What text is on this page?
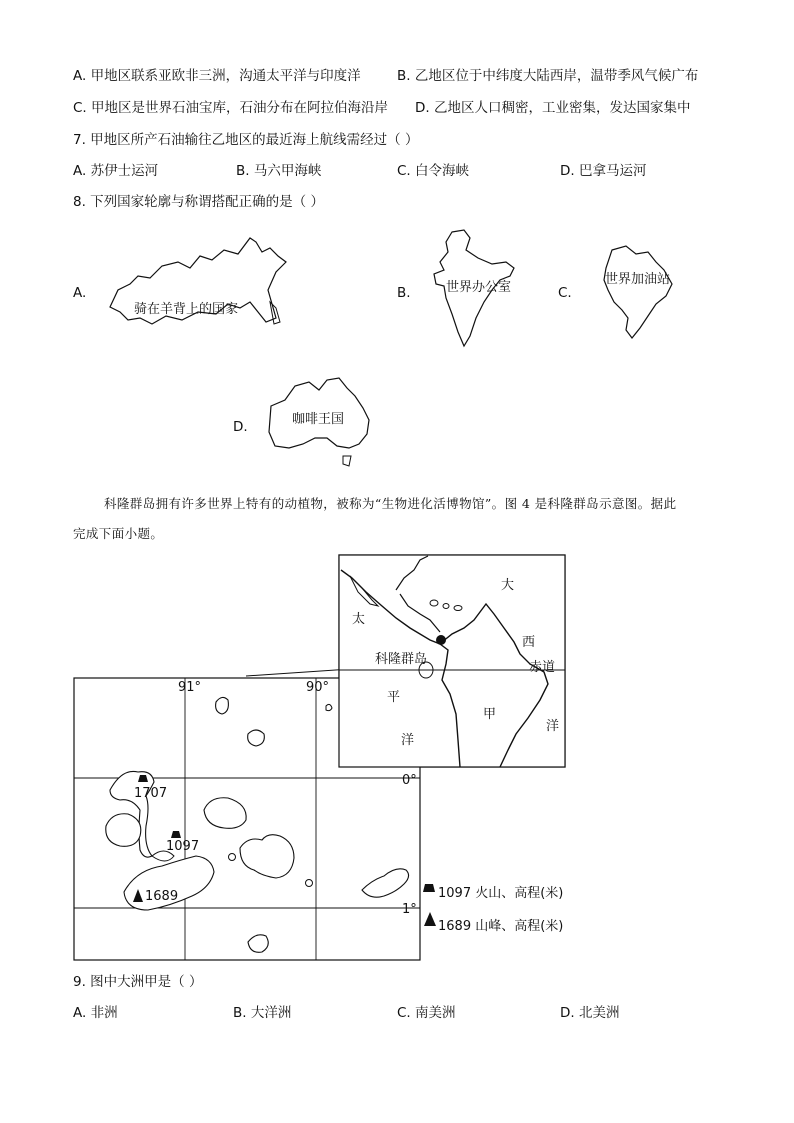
A. 甲地区联系亚欧非三洲，沟通太平洋与印度洋	B. 乙地区位于中纬度大陆西岸，温带季风气候广布
C. 甲地区是世界石油宝库，石油分布在阿拉伯海沿岸 D. 乙地区人口稠密，工业密集，发达国家集中
7. 甲地区所产石油输往乙地区的最近海上航线需经过（ ）
A. 苏伊士运河	B. 马六甲海峡	C. 白令海峡	D. 巴拿马运河
8. 下列国家轮廓与称谓搭配正确的是（ ）
A.
骑在羊背上的国家
B.	世界办公室	C.
世界加油站
D.	咖啡王国
科隆群岛拥有许多世界上特有的动植物，被称为“生物进化活博物馆”。图 4 是科隆群岛示意图。据此
完成下面小题。
大
太
西
科隆群岛
赤道
平
甲
洋
洋
91°	90°
0°
1°
1707
1097
1689	1097 火山、高程(米)
1689 山峰、高程(米)
9. 图中大洲甲是（ ）
A. 非洲	B. 大洋洲	C. 南美洲	D. 北美洲
